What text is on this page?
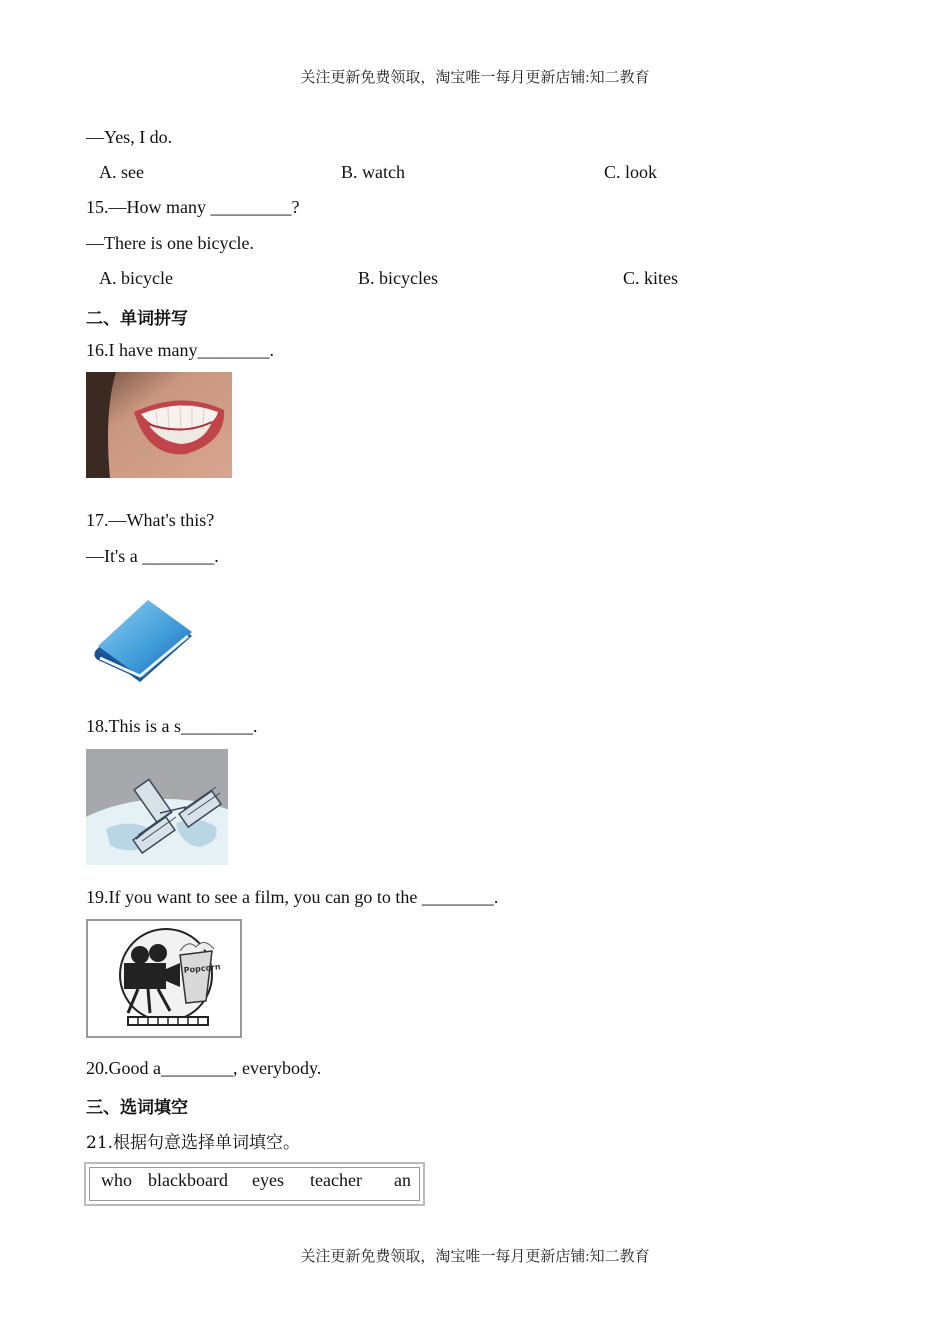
关注更新免费领取，淘宝唯一每月更新店铺:知二教育
—Yes, I do.
A. see	B. watch	C. look
15.—How many _________?
—There is one bicycle.
A. bicycle	B. bicycles	C. kites
二、单词拼写
16.I have many________.
17.—What's this?
—It's a ________.
18.This is a s________.
19.If you want to see a film, you can go to the ________.
Popcorn
20.Good a________, everybody.
三、选词填空
21.根据句意选择单词填空。
who blackboard eyes teacher an
关注更新免费领取，淘宝唯一每月更新店铺:知二教育
